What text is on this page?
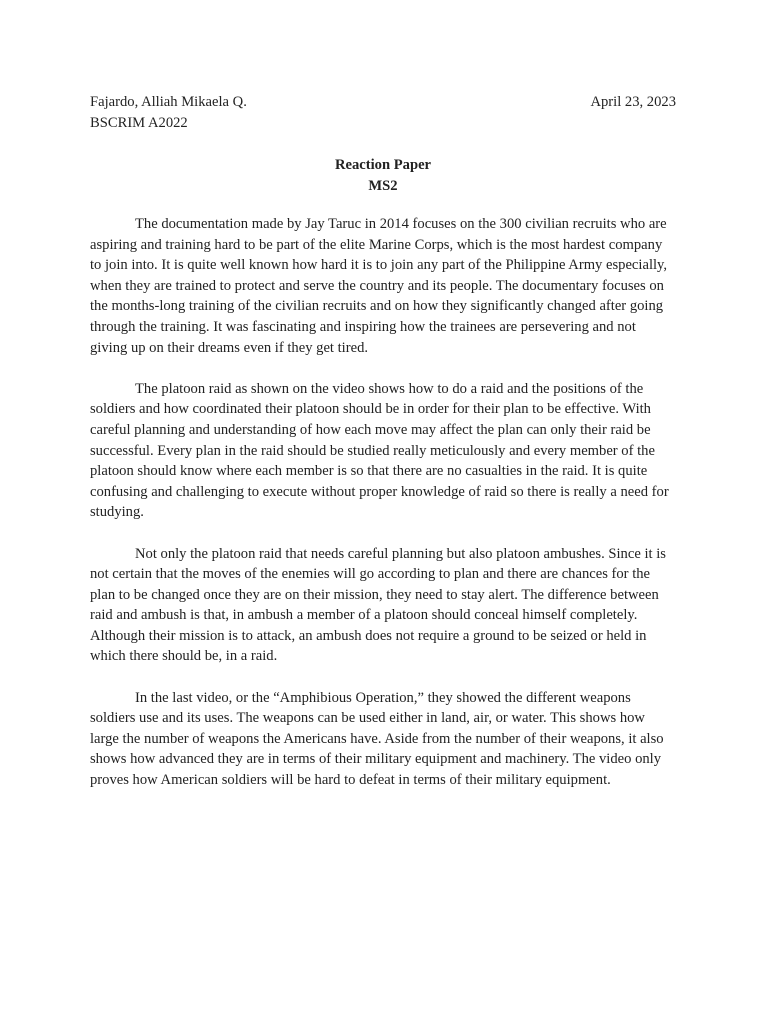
Fajardo, Alliah Mikaela Q.	April 23, 2023
BSCRIM A2022
Reaction Paper
MS2

The documentation made by Jay Taruc in 2014 focuses on the 300 civilian recruits who are aspiring and training hard to be part of the elite Marine Corps, which is the most hardest company to join into. It is quite well known how hard it is to join any part of the Philippine Army especially, when they are trained to protect and serve the country and its people. The documentary focuses on the months-long training of the civilian recruits and on how they significantly changed after going through the training. It was fascinating and inspiring how the trainees are persevering and not giving up on their dreams even if they get tired.

The platoon raid as shown on the video shows how to do a raid and the positions of the soldiers and how coordinated their platoon should be in order for their plan to be effective. With careful planning and understanding of how each move may affect the plan can only their raid be successful. Every plan in the raid should be studied really meticulously and every member of the platoon should know where each member is so that there are no casualties in the raid. It is quite confusing and challenging to execute without proper knowledge of raid so there is really a need for studying.

Not only the platoon raid that needs careful planning but also platoon ambushes. Since it is not certain that the moves of the enemies will go according to plan and there are chances for the plan to be changed once they are on their mission, they need to stay alert. The difference between raid and ambush is that, in ambush a member of a platoon should conceal himself completely. Although their mission is to attack, an ambush does not require a ground to be seized or held in which there should be, in a raid.

In the last video, or the “Amphibious Operation,” they showed the different weapons soldiers use and its uses. The weapons can be used either in land, air, or water. This shows how large the number of weapons the Americans have. Aside from the number of their weapons, it also shows how advanced they are in terms of their military equipment and machinery. The video only proves how American soldiers will be hard to defeat in terms of their military equipment.
